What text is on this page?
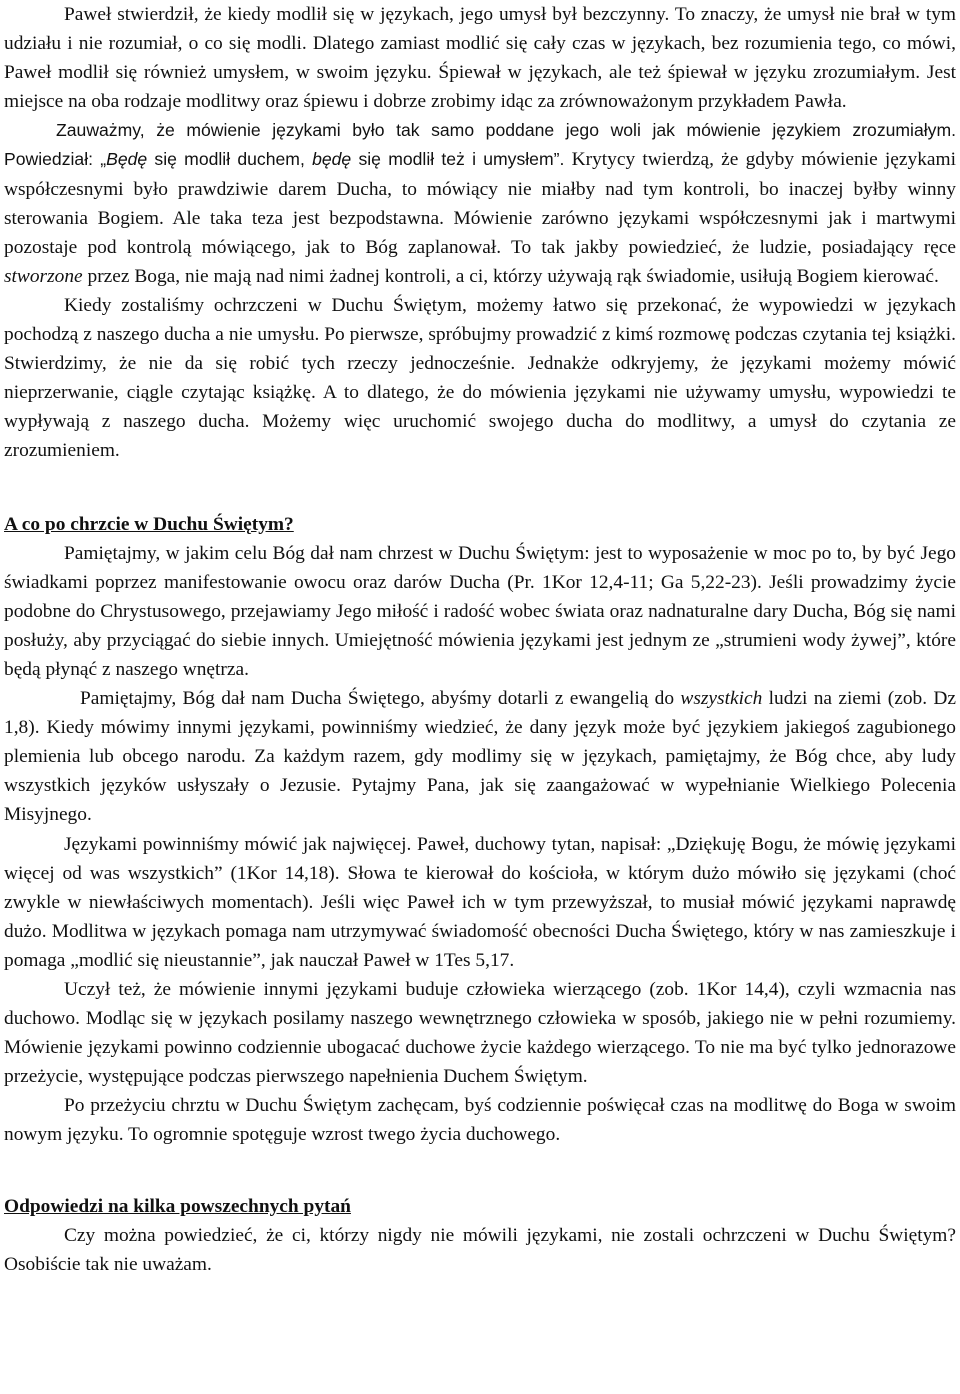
Paweł stwierdził, że kiedy modlił się w językach, jego umysł był bezczynny. To znaczy, że umysł nie brał w tym udziału i nie rozumiał, o co się modli. Dlatego zamiast modlić się cały czas w językach, bez rozumienia tego, co mówi, Paweł modlił się również umysłem, w swoim języku. Śpiewał w językach, ale też śpiewał w języku zrozumiałym. Jest miejsce na oba rodzaje modlitwy oraz śpiewu i dobrze zrobimy idąc za zrównoważonym przykładem Pawła.

Zauważmy, że mówienie językami było tak samo poddane jego woli jak mówienie językiem zrozumiałym. Powiedział: „Będę się modlił duchem, będę się modlił też i umysłem”. Krytycy twierdzą, że gdyby mówienie językami współczesnymi było prawdziwie darem Ducha, to mówiący nie miałby nad tym kontroli, bo inaczej byłby winny sterowania Bogiem. Ale taka teza jest bezpodstawna. Mówienie zarówno językami współczesnymi jak i martwymi pozostaje pod kontrolą mówiącego, jak to Bóg zaplanował. To tak jakby powiedzieć, że ludzie, posiadający ręce stworzone przez Boga, nie mają nad nimi żadnej kontroli, a ci, którzy używają rąk świadomie, usiłują Bogiem kierować.

Kiedy zostaliśmy ochrzczeni w Duchu Świętym, możemy łatwo się przekonać, że wypowiedzi w językach pochodzą z naszego ducha a nie umysłu. Po pierwsze, spróbujmy prowadzić z kimś rozmowę podczas czytania tej książki. Stwierdzimy, że nie da się robić tych rzeczy jednocześnie. Jednakże odkryjemy, że językami możemy mówić nieprzerwanie, ciągle czytając książkę. A to dlatego, że do mówienia językami nie używamy umysłu, wypowiedzi te wypływają z naszego ducha. Możemy więc uruchomić swojego ducha do modlitwy, a umysł do czytania ze zrozumieniem.

A co po chrzcie w Duchu Świętym?

Pamiętajmy, w jakim celu Bóg dał nam chrzest w Duchu Świętym: jest to wyposażenie w moc po to, by być Jego świadkami poprzez manifestowanie owocu oraz darów Ducha (Pr. 1Kor 12,4-11; Ga 5,22-23). Jeśli prowadzimy życie podobne do Chrystusowego, przejawiamy Jego miłość i radość wobec świata oraz nadnaturalne dary Ducha, Bóg się nami posłuży, aby przyciągać do siebie innych. Umiejętność mówienia językami jest jednym ze „strumieni wody żywej”, które będą płynąć z naszego wnętrza.

Pamiętajmy, Bóg dał nam Ducha Świętego, abyśmy dotarli z ewangelią do wszystkich ludzi na ziemi (zob. Dz 1,8). Kiedy mówimy innymi językami, powinniśmy wiedzieć, że dany język może być językiem jakiegoś zagubionego plemienia lub obcego narodu. Za każdym razem, gdy modlimy się w językach, pamiętajmy, że Bóg chce, aby ludy wszystkich języków usłyszały o Jezusie. Pytajmy Pana, jak się zaangażować w wypełnianie Wielkiego Polecenia Misyjnego.

Językami powinniśmy mówić jak najwięcej. Paweł, duchowy tytan, napisał: „Dziękuję Bogu, że mówię językami więcej od was wszystkich” (1Kor 14,18). Słowa te kierował do kościoła, w którym dużo mówiło się językami (choć zwykle w niewłaściwych momentach). Jeśli więc Paweł ich w tym przewyższał, to musiał mówić językami naprawdę dużo. Modlitwa w językach pomaga nam utrzymywać świadomość obecności Ducha Świętego, który w nas zamieszkuje i pomaga „modlić się nieustannie”, jak nauczał Paweł w 1Tes 5,17.

Uczył też, że mówienie innymi językami buduje człowieka wierzącego (zob. 1Kor 14,4), czyli wzmacnia nas duchowo. Modląc się w językach posilamy naszego wewnętrznego człowieka w sposób, jakiego nie w pełni rozumiemy. Mówienie językami powinno codziennie ubogacać duchowe życie każdego wierzącego. To nie ma być tylko jednorazowe przeżycie, występujące podczas pierwszego napełnienia Duchem Świętym.

Po przeżyciu chrztu w Duchu Świętym zachęcam, byś codziennie poświęcał czas na modlitwę do Boga w swoim nowym języku. To ogromnie spotęguje wzrost twego życia duchowego.

Odpowiedzi na kilka powszechnych pytań

Czy można powiedzieć, że ci, którzy nigdy nie mówili językami, nie zostali ochrzczeni w Duchu Świętym? Osobiście tak nie uważam.
